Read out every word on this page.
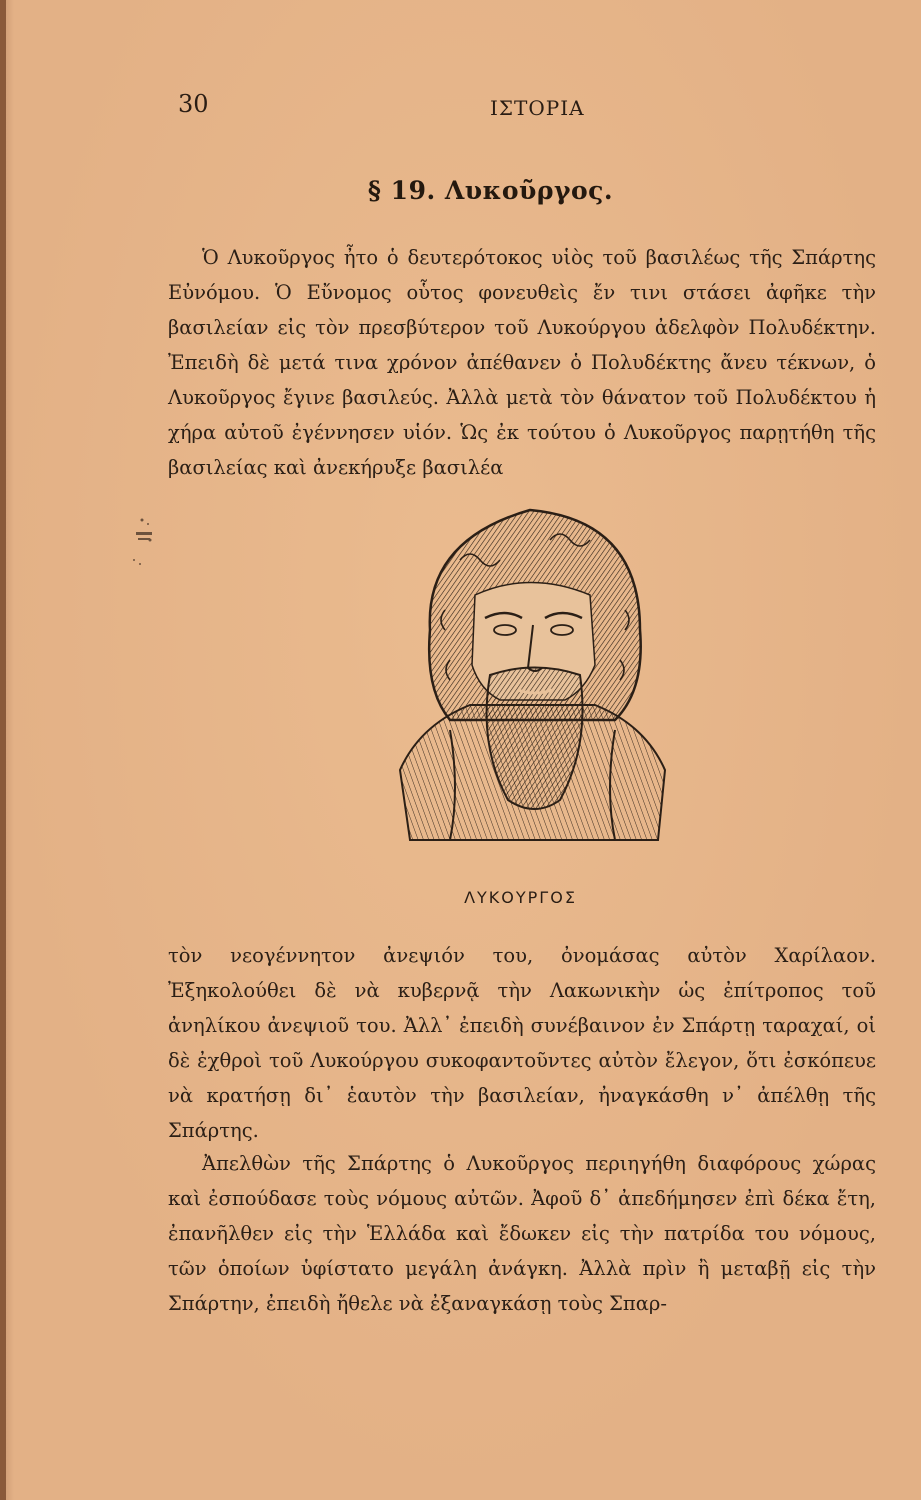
30	ΙΣΤΟΡΙΑ
§ 19. Λυκοῦργος.

Ὁ Λυκοῦργος ἦτο ὁ δευτερότοκος υἱὸς τοῦ βασιλέως τῆς Σπάρτης Εὐνόμου. Ὁ Εὔνομος οὗτος φονευθεὶς ἔν τινι στάσει ἀφῆκε τὴν βασιλείαν εἰς τὸν πρεσβύτερον τοῦ Λυκούργου ἀδελφὸν Πολυδέκτην. Ἐπειδὴ δὲ μετά τινα χρόνον ἀπέθανεν ὁ Πολυδέκτης ἄνευ τέκνων, ὁ Λυκοῦργος ἔγινε βασιλεύς. Ἀλλὰ μετὰ τὸν θάνατον τοῦ Πολυδέκτου ἡ χήρα αὐτοῦ ἐγέννησεν υἱόν. Ὡς ἐκ τούτου ὁ Λυκοῦργος παρῃτήθη τῆς βασιλείας καὶ ἀνεκήρυξε βασιλέα

ΛΥΚΟΥΡΓΟΣ

τὸν νεογέννητον ἀνεψιόν του, ὀνομάσας αὐτὸν Χαρίλαον. Ἐξηκολούθει δὲ νὰ κυβερνᾷ τὴν Λακωνικὴν ὡς ἐπίτροπος τοῦ ἀνηλίκου ἀνεψιοῦ του. Ἀλλ᾿ ἐπειδὴ συνέβαινον ἐν Σπάρτῃ ταραχαί, οἱ δὲ ἐχθροὶ τοῦ Λυκούργου συκοφαντοῦντες αὐτὸν ἔλεγον, ὅτι ἐσκόπευε νὰ κρατήσῃ δι᾿ ἑαυτὸν τὴν βασιλείαν, ἠναγκάσθη ν᾿ ἀπέλθῃ τῆς Σπάρτης.

Ἀπελθὼν τῆς Σπάρτης ὁ Λυκοῦργος περιηγήθη διαφόρους χώρας καὶ ἐσπούδασε τοὺς νόμους αὐτῶν. Ἀφοῦ δ᾿ ἀπεδήμησεν ἐπὶ δέκα ἔτη, ἐπανῆλθεν εἰς τὴν Ἑλλάδα καὶ ἔδωκεν εἰς τὴν πατρίδα του νόμους, τῶν ὁποίων ὑφίστατο μεγάλη ἀνάγκη. Ἀλλὰ πρὶν ἢ μεταβῇ εἰς τὴν Σπάρτην, ἐπειδὴ ἤθελε νὰ ἐξαναγκάσῃ τοὺς Σπαρ-
